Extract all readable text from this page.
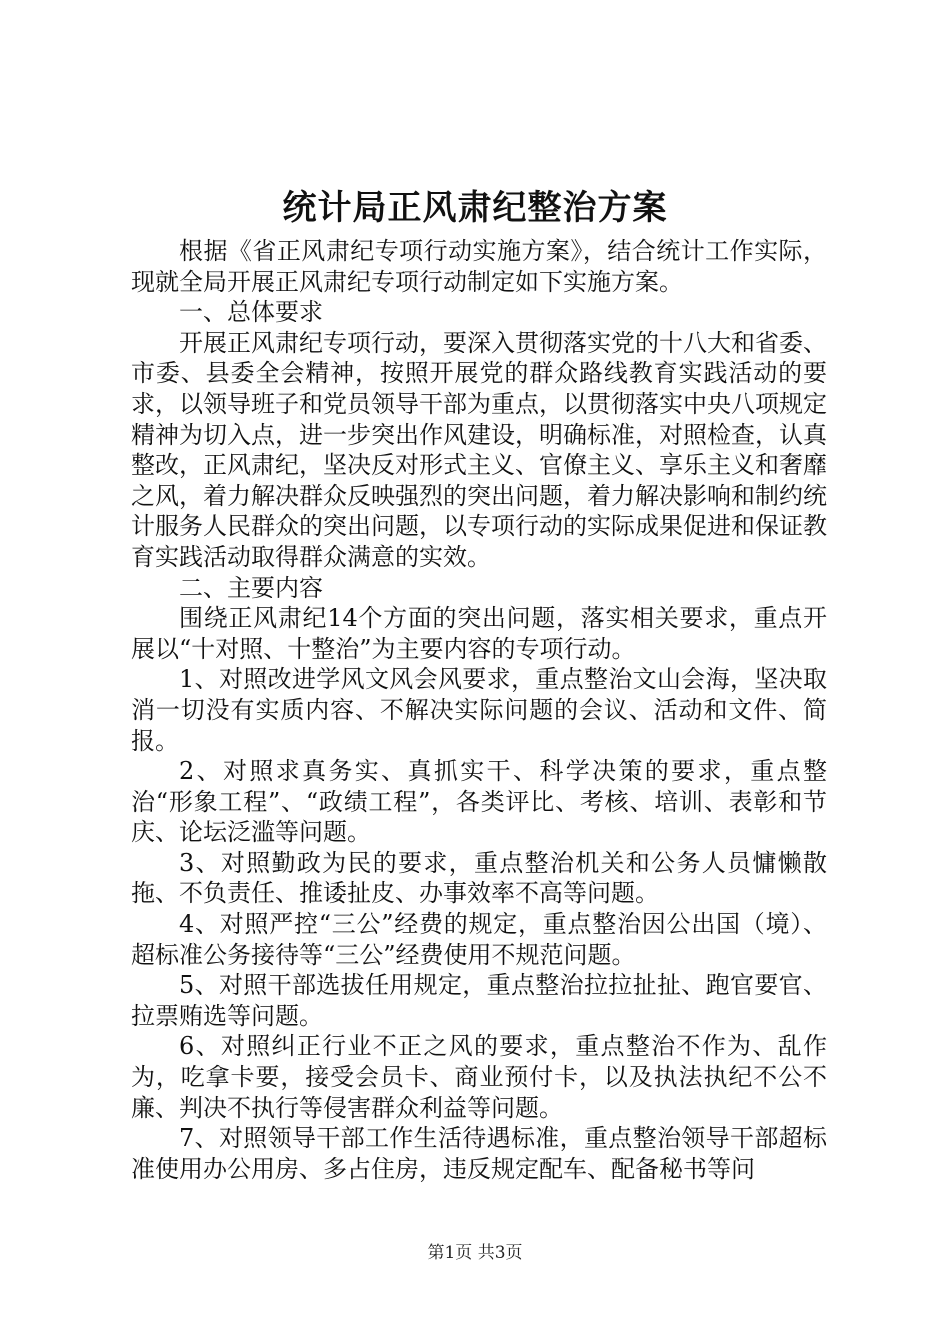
统计局正风肃纪整治方案

根据《省正风肃纪专项行动实施方案》，结合统计工作实际，现就全局开展正风肃纪专项行动制定如下实施方案。

一、总体要求

开展正风肃纪专项行动，要深入贯彻落实党的十八大和省委、市委、县委全会精神，按照开展党的群众路线教育实践活动的要求，以领导班子和党员领导干部为重点，以贯彻落实中央八项规定精神为切入点，进一步突出作风建设，明确标准，对照检查，认真整改，正风肃纪，坚决反对形式主义、官僚主义、享乐主义和奢靡之风，着力解决群众反映强烈的突出问题，着力解决影响和制约统计服务人民群众的突出问题，以专项行动的实际成果促进和保证教育实践活动取得群众满意的实效。

二、主要内容

围绕正风肃纪14个方面的突出问题，落实相关要求，重点开展以“十对照、十整治”为主要内容的专项行动。

1、对照改进学风文风会风要求，重点整治文山会海，坚决取消一切没有实质内容、不解决实际问题的会议、活动和文件、简报。

2、对照求真务实、真抓实干、科学决策的要求，重点整治“形象工程”、“政绩工程”，各类评比、考核、培训、表彰和节庆、论坛泛滥等问题。

3、对照勤政为民的要求，重点整治机关和公务人员慵懒散拖、不负责任、推诿扯皮、办事效率不高等问题。

4、对照严控“三公”经费的规定，重点整治因公出国（境）、超标准公务接待等“三公”经费使用不规范问题。

5、对照干部选拔任用规定，重点整治拉拉扯扯、跑官要官、拉票贿选等问题。

6、对照纠正行业不正之风的要求，重点整治不作为、乱作为，吃拿卡要，接受会员卡、商业预付卡，以及执法执纪不公不廉、判决不执行等侵害群众利益等问题。

7、对照领导干部工作生活待遇标准，重点整治领导干部超标准使用办公用房、多占住房，违反规定配车、配备秘书等问

第1页 共3页
